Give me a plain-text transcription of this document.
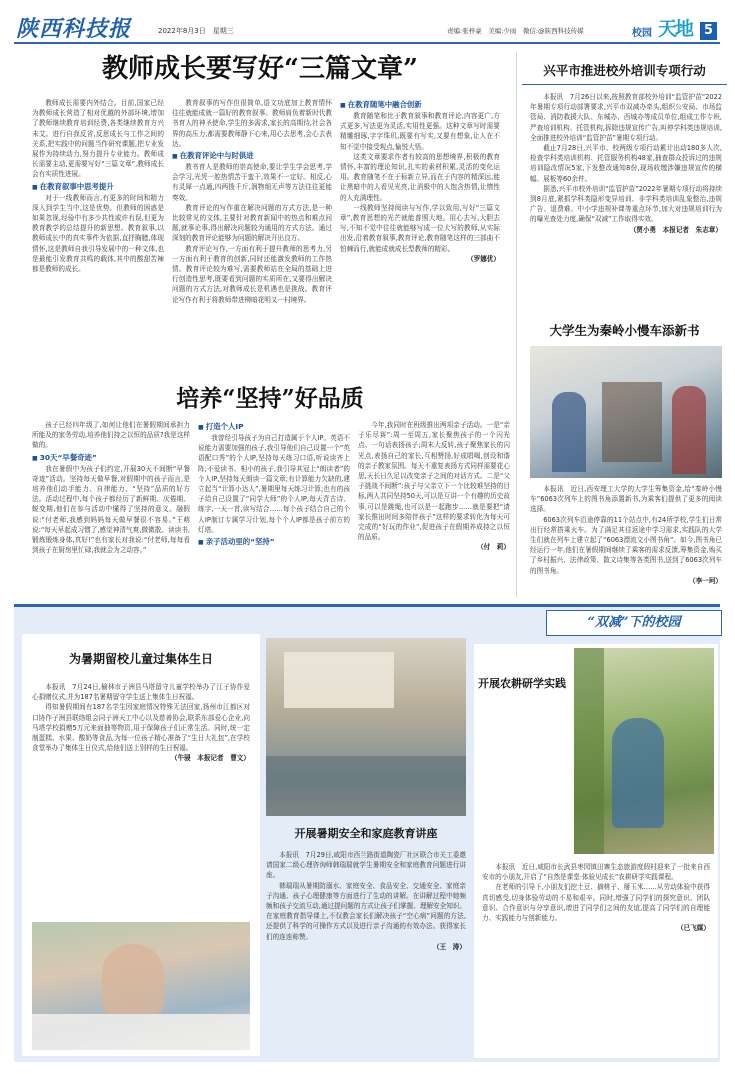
陕西科技报	2022年8月3日　星期三	责编:张梓豪　美编:少雨　微信:@陕西科技传媒	校园 天地 5
教师成长要写好“三篇文章”

教师成长需要内外结合。目前,国家已经为教师成长营造了相对优越的外部环境,增加了教师继续教育培训经费,各类继续教育方兴未艾。进行自我反省,反思成长与工作之间的关系,把实践中的问题当作研究课题,把专业发展作为持续动力,努力提升专业能力。教师成长需要主动,更需要写好“三篇文章”,教师成长会有实质性进展。

■ 在教育叙事中思考提升

对于一线教师而言,有更多的时间和精力深入到学生当中,这是优势。但教师的困惑是如果忽视,经验中有多少共性或许有误,但更为教育教学的总结提升的新思想。教育叙事,以教师成长中的真实事件为依据,直抒胸臆,体现情怀,这是教师自我引导发展中的一种文体,也是最能引发教育共鸣的载体,其中的酸甜苦辣都是教师的成长。

教育叙事的写作但很简单,语文功底加上教育情怀往往就能成就一篇好的教育叙事。教师肩负着新时代教书育人的神圣使命,学生的多需求,家长的高期待,社会各界的高压力,都需要教师静下心来,用心去思考,会心去表达。

■ 在教育评论中与时俱进

教书育人是教师的崇高使命,要让学生学会思考,学会学习,光凭一腔热情苦干蛮干,效果不一定好。相反,心有灵犀一点通,四两拨千斤,润物细无声等方法往往更能奏效。

教育评论的写作重在解决问题的方式方法,是一种比较常见的文体,主要针对教育新闻中的热点和难点问题,就事论事,得出解决问题较为通用的方式方法。通过深刻的教育评论能够为问题的解决开出良方。

教育评论写作,一方面有利于提升教师的思考力,另一方面有利于教育的创新,同时还能激发教师的工作热情。教育评论较为难写,需要教师站在全局的基础上进行创造性思考,既要看到问题的实质所在,又要得出解决问题的方式方法,对教师成长是机遇也是挑战。教育评论写作有利于将教师带进柳暗花明又一村境界。

■ 在教育随笔中融合创新

教育随笔和比于教育叙事和教育评论,内容更广,方式更多,写法更为灵活,实用性更强。这种文章写时需要精雕细琢,字字珠玑,既要有写实,又要有想象,让人在不知不觉中接受观点,愉悦大悟。

这类文章要求作者有较高的思想境界,积极的教育情怀,丰富的理论知识,扎实的素材积累,灵活的变化运用。教育随笔不在于标新立异,而在于内容的精深远,能让黑暗中的人看见光亮,让消极中的人饱含热情,让惰性的人充满理性。

一线教师坚持阅读与写作,学以致用,写好“三篇文章”,教育思想的光芒就能普照大地。用心去写,大胆去写,不知不觉中往往就能够写成一位大写的教师,从实际出发,沿着教育叙事,教育评论,教育随笔这样的三部曲不怕棘而行,就能成就成长型教师的精彩。

（罗娜优）

兴平市推进校外培训专项行动

本报讯　7月26日以来,按照教育部校外培训“监管护苗”2022年暑期专项行动部署要求,兴平市双减办牵头,组织公安局、市场监管局、消防救援大队、东城办、西城办等成员单位,组成工作专班,严查培训机构、托管机构,拆除违规宣传广告,叫停学科类违规培训,全面推进校外培训“监管护苗”暑期专项行动。

截止7月28日,兴平市、校两级专项行动累计出动180多人次,检查学科类培训机构、托管服务机构48家,抽查群众投诉过的违规培训隐改情况5家,下发整改通知8份,现场收缴涉嫌违规宣传的横幅、展板等60余件。

据悉,兴平市校外培训“监管护苗”2022年暑期专项行动将持续到8月底,紧抓学科类隐形变异培训、非学科类培训乱象整治,违规广告、退费难、中小学违规补课等重点环节,加大对违规培训行为的曝光查处力度,确保“双减”工作取得实效。

（贾小勇　本报记者　朱志章）

大学生为秦岭小慢车添新书

本报讯　近日,西安理工大学的大学生筹集资金,给“秦岭小慢车”6063次列车上的图书角添置新书,为乘客们提供了更多的阅读选择。

6063次列车沿途停靠的11个站点中,有24所学校,学生们日常出行经常搭乘火车。为了满足其往返途中学习需求,实践队的大学生们就在列车上建立起了“6063漂流文小图书角”。如今,图书角已经运行一年,他们在暑假期间继续了乘客的需求反馈,筹集资金,购买了乡村振兴、法律政策、散文诗集等各类图书,送到了6063次列车的图书角。

（李一珂）

培养“坚持”好品质

孩子已经四年级了,如何让他们在暑假期间承担力所能及的家务劳动,培养他们持之以恒的品质?我是这样做的。

■ 30天“早餐奇迹”

我在暑假中为孩子们约定,开展30天不间断“早餐奇迹”活动。坚持每天做早餐,对假期中的孩子而言,是培养他们动手能力、自律能力、“坚持”品质的好方法。活动过程中,每个孩子都经历了新鲜期、厌倦期、蜕变期,他们在参与活动中懂得了坚持的意义。融假说:“付老师,我感到妈妈每天做早餐很不容易。”王萌说:“每天早起成习惯了,感觉神清气爽,微微散、读读书,锻炼锻炼身体,真好!”也有家长对我说:“付老师,每每看到孩子在厨房里忙碌,我就会为之动容。”

■ 打造个人IP

我曾经引导孩子为自己打造属于个人IP。英语不说能力需要加强的孩子,我引导他们自己设置一个“英语配口秀”的个人IP,坚持每天练习口语,听说读齐上阵;不爱读书、相小的孩子,我引导其冠上“朗读者”的个人IP,坚持每天朗读一篇文章;有计算能力欠缺的,建立起当“计算小达人”,暑期里每天练习计算;也有的孩子给自己设置了“同学大师”的个人IP,每天背古诗、练字,一天一首,读写结合……每个孩子结合自己的个人IP制订专属学习计划,每个个人IP都是孩子前方的灯塔。

■ 亲子活动里的“坚持”

今年,我同时在班级推出两项亲子活动。一是“亲子乐尽赛”:周一至周五,家长聚焦孩子的一个闪光点、一句话表扬孩子;周末大反转,孩子聚焦家长的闪光点,表扬自己的家长,互相赞扬,好成唱喝,创设和谐的亲子教家氛围。每天不重复表扬方式同样需要花心思,天长日久足以改变亲子之间的对话方式。二是“父子挑战不间断”:孩子与父亲立下一个比较难坚持的目标,两人共同坚持50天,可以是互讲一个有趣的历史故事,可以是跳绳,也可以是一起跑步……就是要把“请家长推出时间多陪伴孩子”这样的要求转化为每天可完成的“好玩的作业”,促进孩子在假期养成持之以恒的品质。

（付　莉）

为暑期留校儿童过集体生日

本报讯　7月24日,榆林市子洲县马塔留守儿童学校举办了江子协作爱心捐赠仪式,并为187名暑期留守学生送上集体生日祝福。

得知暑假期间有187名学生因家庭情况特殊无法回家,扬州市江都区对口协作子洲县联络组会同子洲天工中心以及慈善协会,联系东部爱心企业,向马塔学校捐赠5万元来面抽等物资,用于保障孩子们正常生活。同时,统一定制蛋糕、水果、酸奶等食品,为每一位孩子精心准备了“生日大礼包”,在学校食堂举办了集体生日仪式,给他们送上别样的生日祝福。

（牛骎　本报记者　曹文）

开展暑期安全和家庭教育讲座

本报讯　7月29日,咸阳市西兰路街道陶瓷厂社区联合市关工委邀请国家二级心理咨询师韩瑞瑞就学生暑期安全和家庭教育问题进行讲座。

韩瑞瑞从暑期防溺水、家庭安全、食品安全、交通安全、家庭亲子沟通、孩子心理健康等方面进行了生动的讲解。在讲解过程中她频频和孩子交流互动,通过提问题的方式让孩子们掌握、理解安全知识。在家庭教育指导课上,不仅教会家长们解决孩子“空心病”问题的方法,还提供了科学的可操作方式以及进行亲子沟通的有效办法。获得家长们的连连称赞。

（王　涛）

“双减”下的校园
开展农耕研学实践

本报讯　近日,咸阳市长武县枣园镇田寨生态旅游度假村迎来了一批来自西安市的小朋友,开启了“自然是课堂·体验见成长”农耕研学实践课程。

在老师的引导下,小朋友们挖土豆、摘桃子、掰玉米……从劳动体验中获得真切感受,切身体验劳动的不易和艰辛。同时,增强了同学们的探究意识、团队意识、合作意识与分享意识,增进了同学们之间的友谊,提高了同学们的自理能力、实践能力与创新能力。

（已飞媒）
